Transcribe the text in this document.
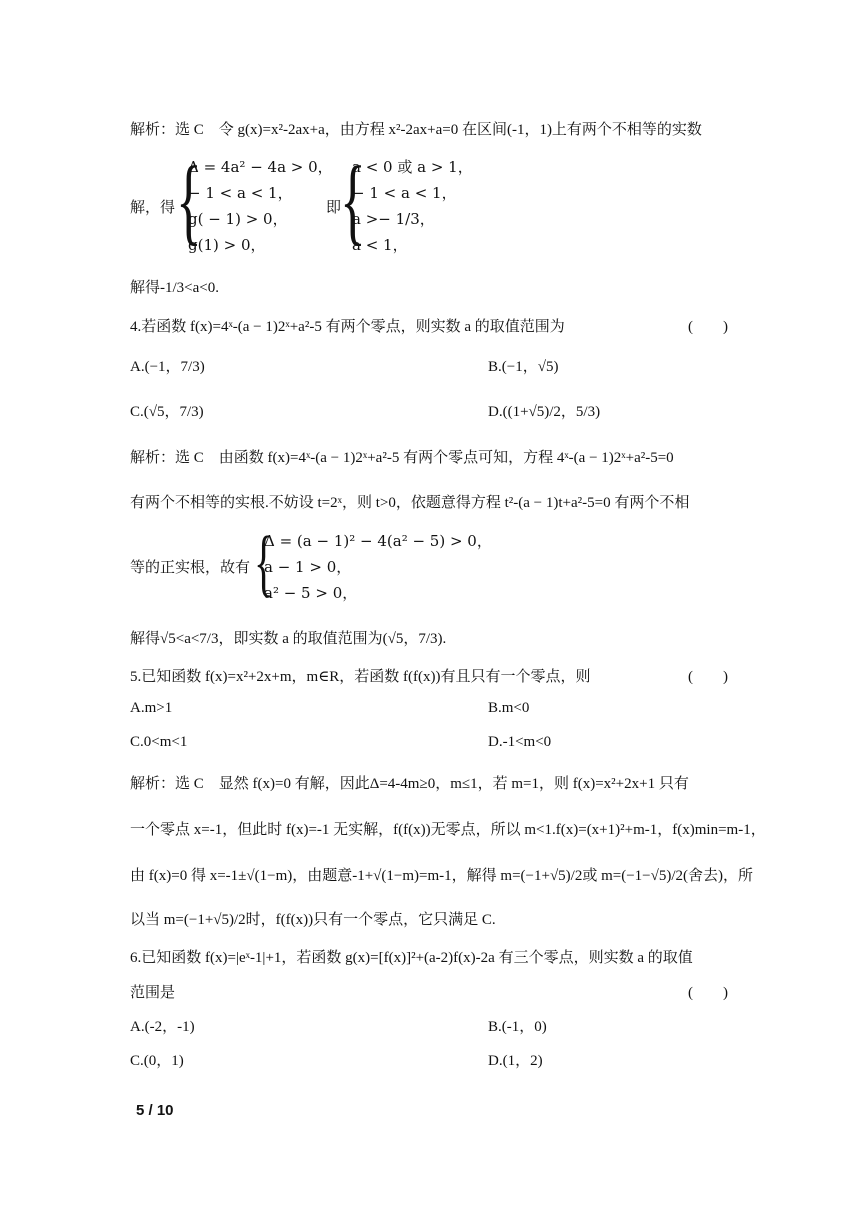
解析：选 C　令 g(x)=x²-2ax+a，由方程 x²-2ax+a=0 在区间(-1，1)上有两个不相等的实数
解，得 {
Δ = 4a² − 4a > 0，
− 1 < a < 1，
g( − 1) > 0，
g(1) > 0，
即
{
a < 0 或 a > 1，
− 1 < a < 1，
a >− 1/3，
a < 1，
解得-1/3<a<0.
4.若函数 f(x)=4ˣ-(a − 1)2ˣ+a²-5 有两个零点，则实数 a 的取值范围为	(　　)
A.(−1，7/3)	B.(−1，√5)
C.(√5，7/3)	D.((1+√5)/2，5/3)
解析：选 C　由函数 f(x)=4ˣ-(a − 1)2ˣ+a²-5 有两个零点可知，方程 4ˣ-(a − 1)2ˣ+a²-5=0
有两个不相等的实根.不妨设 t=2ˣ，则 t>0，依题意得方程 t²-(a − 1)t+a²-5=0 有两个不相
等的正实根，故有 {
Δ = (a − 1)² − 4(a² − 5) > 0，
a − 1 > 0，
a² − 5 > 0，
解得√5<a<7/3，即实数 a 的取值范围为(√5，7/3).
5.已知函数 f(x)=x²+2x+m，m∈R，若函数 f(f(x))有且只有一个零点，则	(　　)
A.m>1	B.m<0
C.0<m<1	D.-1<m<0
解析：选 C　显然 f(x)=0 有解，因此Δ=4-4m≥0，m≤1，若 m=1，则 f(x)=x²+2x+1 只有
一个零点 x=-1，但此时 f(x)=-1 无实解，f(f(x))无零点，所以 m<1.f(x)=(x+1)²+m-1，f(x)min=m-1，
由 f(x)=0 得 x=-1±√(1−m)，由题意-1+√(1−m)=m-1，解得 m=(−1+√5)/2或 m=(−1−√5)/2(舍去)，所
以当 m=(−1+√5)/2时，f(f(x))只有一个零点，它只满足 C.
6.已知函数 f(x)=|eˣ-1|+1，若函数 g(x)=[f(x)]²+(a-2)f(x)-2a 有三个零点，则实数 a 的取值
范围是	(　　)
A.(-2，-1)	B.(-1，0)
C.(0，1)	D.(1，2)
5 / 10
